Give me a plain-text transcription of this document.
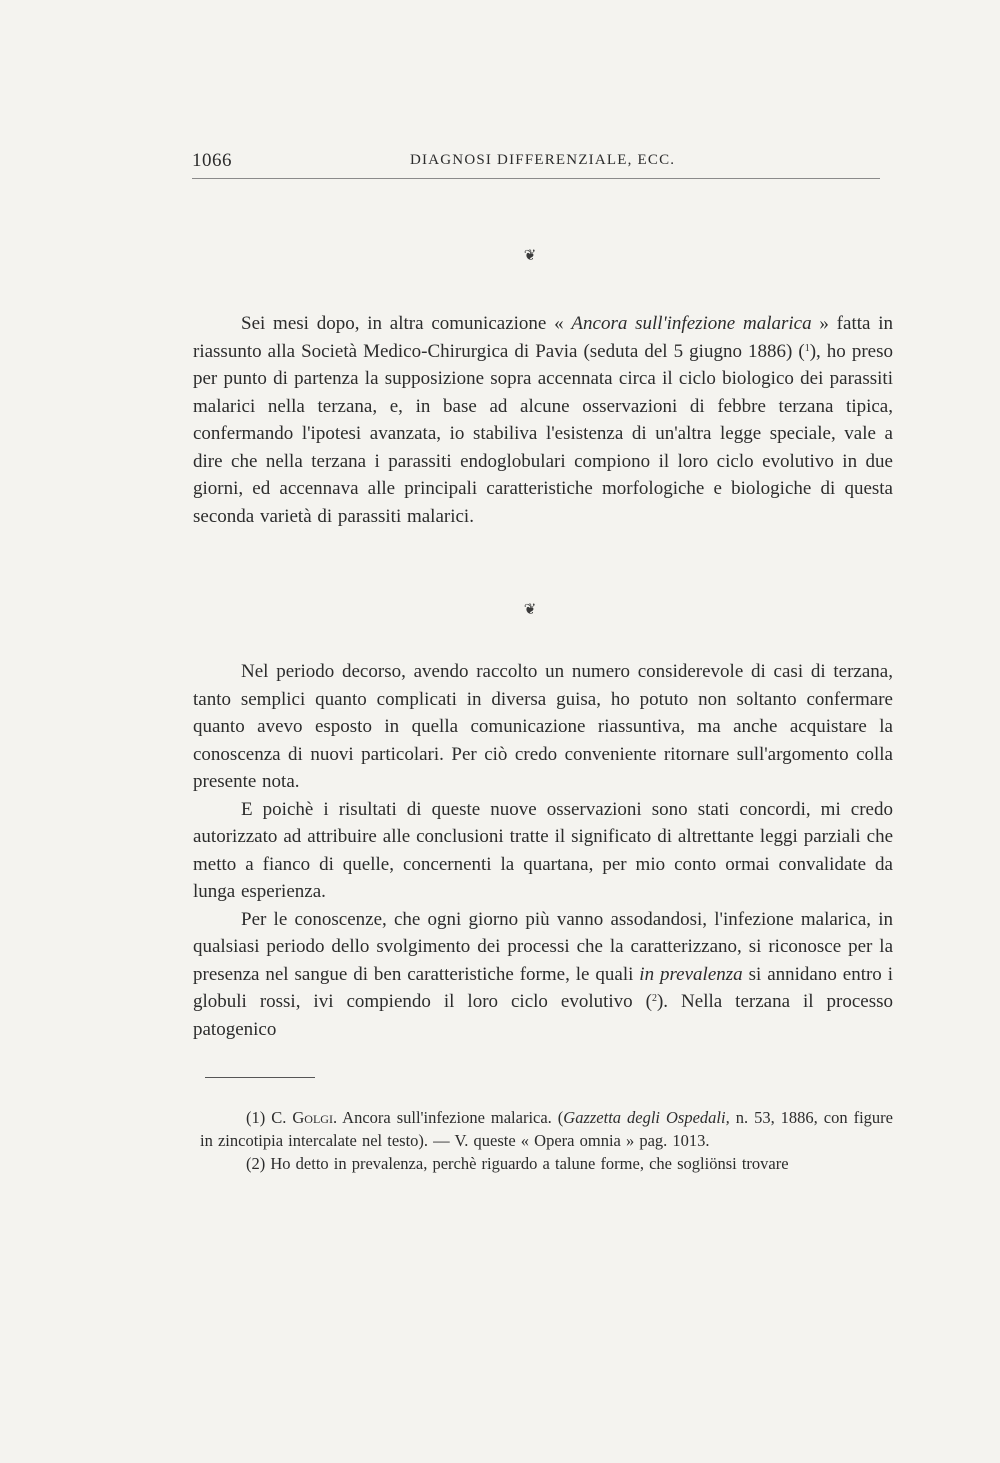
1066	DIAGNOSI DIFFERENZIALE, ECC.
❦

Sei mesi dopo, in altra comunicazione « Ancora sull'infezione malarica » fatta in riassunto alla Società Medico-Chirurgica di Pavia (seduta del 5 giugno 1886) ($^1$), ho preso per punto di partenza la supposizione sopra accennata circa il ciclo biologico dei parassiti malarici nella terzana, e, in base ad alcune osservazioni di febbre terzana tipica, confermando l'ipotesi avanzata, io stabiliva l'esistenza di un'altra legge speciale, vale a dire che nella terzana i parassiti endoglobulari compiono il loro ciclo evolutivo in due giorni, ed accennava alle principali caratteristiche morfologiche e biologiche di questa seconda varietà di parassiti malarici.

❦

Nel periodo decorso, avendo raccolto un numero considerevole di casi di terzana, tanto semplici quanto complicati in diversa guisa, ho potuto non soltanto confermare quanto avevo esposto in quella comunicazione riassuntiva, ma anche acquistare la conoscenza di nuovi particolari. Per ciò credo conveniente ritornare sull'argomento colla presente nota.

E poichè i risultati di queste nuove osservazioni sono stati concordi, mi credo autorizzato ad attribuire alle conclusioni tratte il significato di altrettante leggi parziali che metto a fianco di quelle, concernenti la quartana, per mio conto ormai convalidate da lunga esperienza.

Per le conoscenze, che ogni giorno più vanno assodandosi, l'infezione malarica, in qualsiasi periodo dello svolgimento dei processi che la caratterizzano, si riconosce per la presenza nel sangue di ben caratteristiche forme, le quali in prevalenza si annidano entro i globuli rossi, ivi compiendo il loro ciclo evolutivo ($^2$). Nella terzana il processo patogenico

(1) C. Golgi. Ancora sull'infezione malarica. (Gazzetta degli Ospedali, n. 53, 1886, con figure in zincotipia intercalate nel testo). — V. queste « Opera omnia » pag. 1013.

(2) Ho detto in prevalenza, perchè riguardo a talune forme, che sogliönsi trovare
